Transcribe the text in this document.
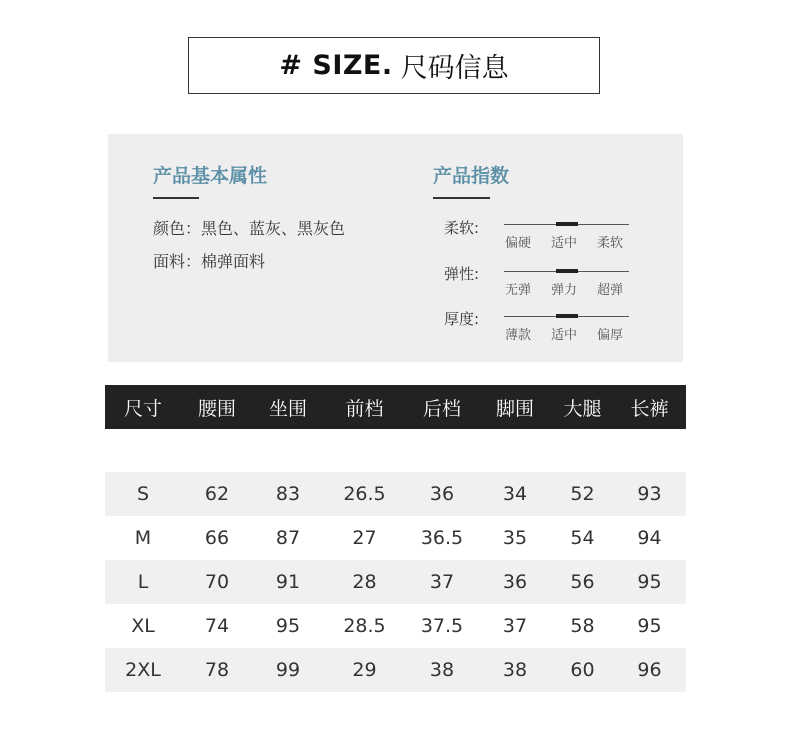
# SIZE. 尺码信息
产品基本属性
颜色：黑色、蓝灰、黑灰色
面料：棉弹面料
产品指数
柔软:
偏硬 适中 柔软
弹性:
无弹 弹力 超弹
厚度:
薄款 适中 偏厚
尺寸	腰围	坐围	前档	后档	脚围	大腿	长裤

S	62	83	26.5	36	34	52	93
M	66	87	27	36.5	35	54	94
L	70	91	28	37	36	56	95
XL	74	95	28.5	37.5	37	58	95
2XL	78	99	29	38	38	60	96
